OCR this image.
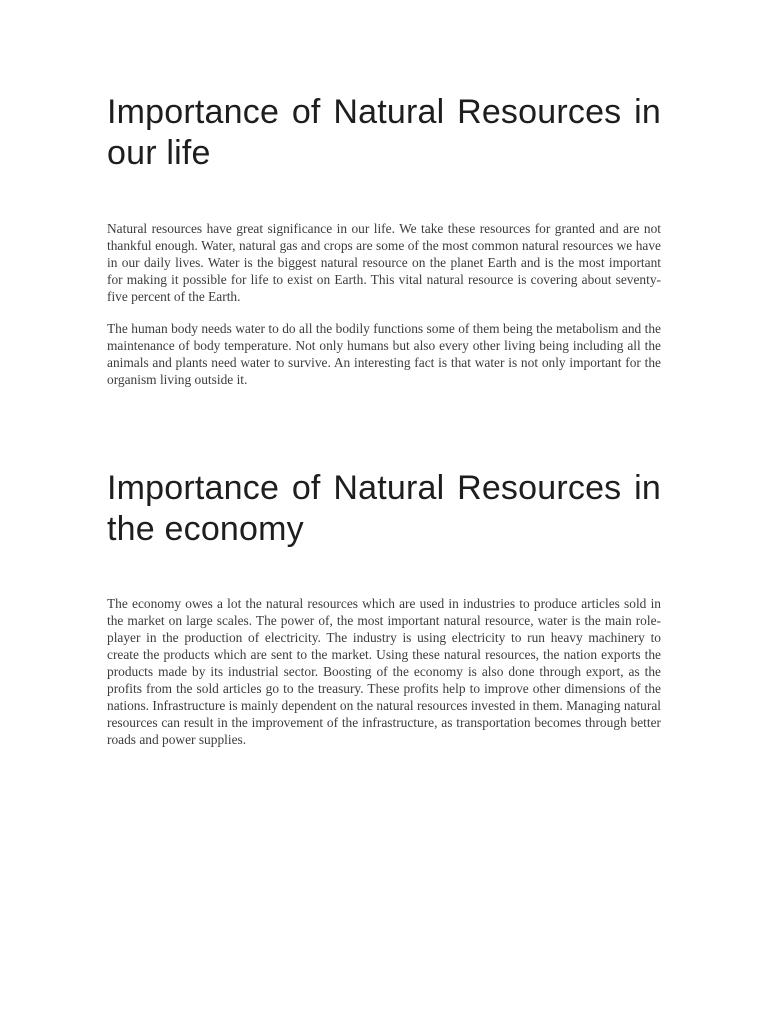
Importance of Natural Resources in our life

Natural resources have great significance in our life. We take these resources for granted and are not thankful enough. Water, natural gas and crops are some of the most common natural resources we have in our daily lives. Water is the biggest natural resource on the planet Earth and is the most important for making it possible for life to exist on Earth. This vital natural resource is covering about seventy-five percent of the Earth.

The human body needs water to do all the bodily functions some of them being the metabolism and the maintenance of body temperature. Not only humans but also every other living being including all the animals and plants need water to survive. An interesting fact is that water is not only important for the organism living outside it.

Importance of Natural Resources in the economy

The economy owes a lot the natural resources which are used in industries to produce articles sold in the market on large scales. The power of, the most important natural resource, water is the main role-player in the production of electricity. The industry is using electricity to run heavy machinery to create the products which are sent to the market. Using these natural resources, the nation exports the products made by its industrial sector. Boosting of the economy is also done through export, as the profits from the sold articles go to the treasury. These profits help to improve other dimensions of the nations. Infrastructure is mainly dependent on the natural resources invested in them. Managing natural resources can result in the improvement of the infrastructure, as transportation becomes through better roads and power supplies.
